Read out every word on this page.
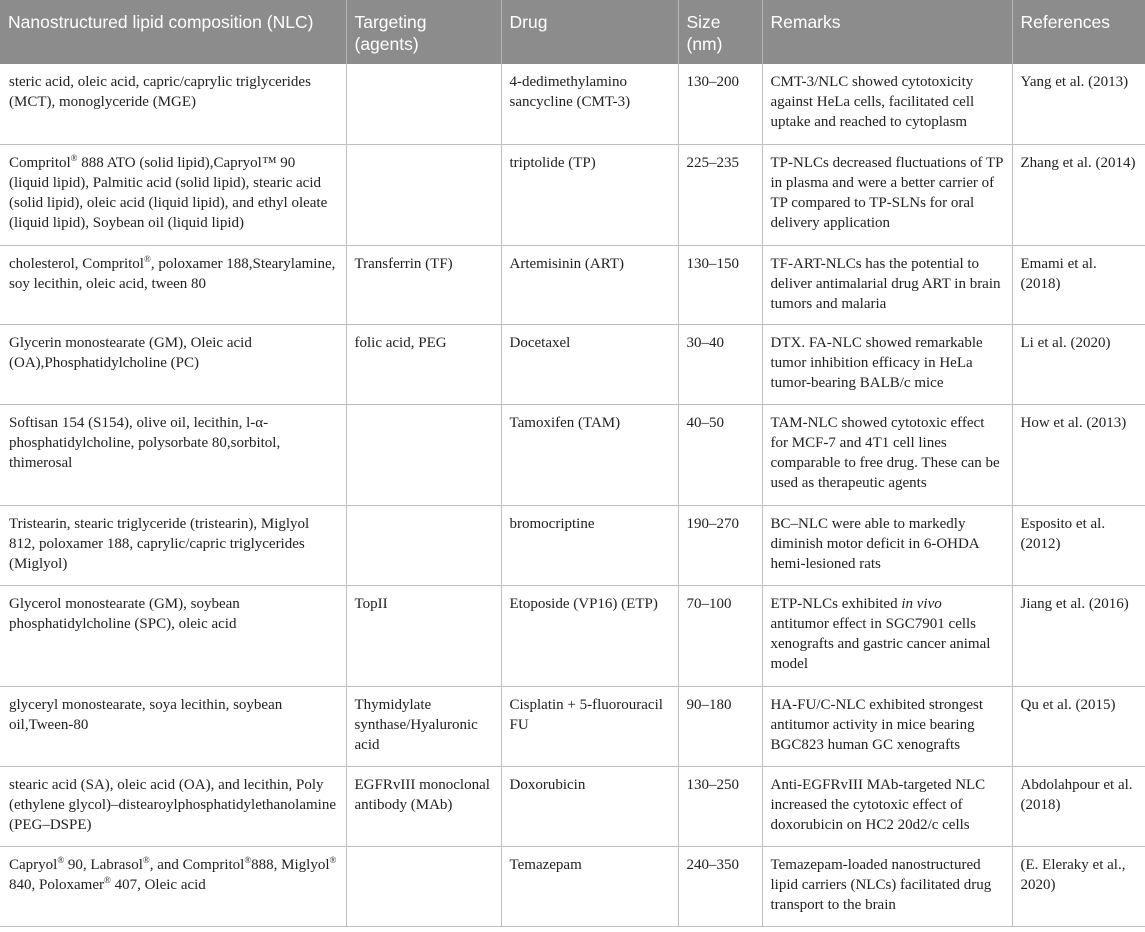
Nanostructured lipid composition (NLC)	Targeting (agents)	Drug	Size (nm)	Remarks	References
steric acid, oleic acid, capric/caprylic triglycerides (MCT), monoglyceride (MGE)		4-dedimethylamino sancycline (CMT-3)	130–200	CMT-3/NLC showed cytotoxicity against HeLa cells, facilitated cell uptake and reached to cytoplasm	Yang et al. (2013)
Compritol® 888 ATO (solid lipid),Capryol™ 90 (liquid lipid), Palmitic acid (solid lipid), stearic acid (solid lipid), oleic acid (liquid lipid), and ethyl oleate (liquid lipid), Soybean oil (liquid lipid)		triptolide (TP)	225–235	TP-NLCs decreased fluctuations of TP in plasma and were a better carrier of TP compared to TP-SLNs for oral delivery application	Zhang et al. (2014)
cholesterol, Compritol®, poloxamer 188,Stearylamine, soy lecithin, oleic acid, tween 80	Transferrin (TF)	Artemisinin (ART)	130–150	TF-ART-NLCs has the potential to deliver antimalarial drug ART in brain tumors and malaria	Emami et al. (2018)
Glycerin monostearate (GM), Oleic acid (OA),Phosphatidylcholine (PC)	folic acid, PEG	Docetaxel	30–40	DTX. FA-NLC showed remarkable tumor inhibition efficacy in HeLa tumor-bearing BALB/c mice	Li et al. (2020)
Softisan 154 (S154), olive oil, lecithin, l-α-phosphatidylcholine, polysorbate 80,sorbitol, thimerosal		Tamoxifen (TAM)	40–50	TAM-NLC showed cytotoxic effect for MCF-7 and 4T1 cell lines comparable to free drug. These can be used as therapeutic agents	How et al. (2013)
Tristearin, stearic triglyceride (tristearin), Miglyol 812, poloxamer 188, caprylic/capric triglycerides (Miglyol)		bromocriptine	190–270	BC–NLC were able to markedly diminish motor deficit in 6-OHDA hemi-lesioned rats	Esposito et al. (2012)
Glycerol monostearate (GM), soybean phosphatidylcholine (SPC), oleic acid	TopII	Etoposide (VP16) (ETP)	70–100	ETP-NLCs exhibited in vivo antitumor effect in SGC7901 cells xenografts and gastric cancer animal model	Jiang et al. (2016)
glyceryl monostearate, soya lecithin, soybean oil,Tween-80	Thymidylate synthase/Hyaluronic acid	Cisplatin + 5-fluorouracil FU	90–180	HA-FU/C-NLC exhibited strongest antitumor activity in mice bearing BGC823 human GC xenografts	Qu et al. (2015)
stearic acid (SA), oleic acid (OA), and lecithin, Poly (ethylene glycol)–distearoylphosphatidylethanolamine (PEG–DSPE)	EGFRvIII monoclonal antibody (MAb)	Doxorubicin	130–250	Anti-EGFRvIII MAb-targeted NLC increased the cytotoxic effect of doxorubicin on HC2 20d2/c cells	Abdolahpour et al. (2018)
Capryol® 90, Labrasol®, and Compritol®888, Miglyol® 840, Poloxamer® 407, Oleic acid		Temazepam	240–350	Temazepam-loaded nanostructured lipid carriers (NLCs) facilitated drug transport to the brain	(E. Eleraky et al., 2020)
